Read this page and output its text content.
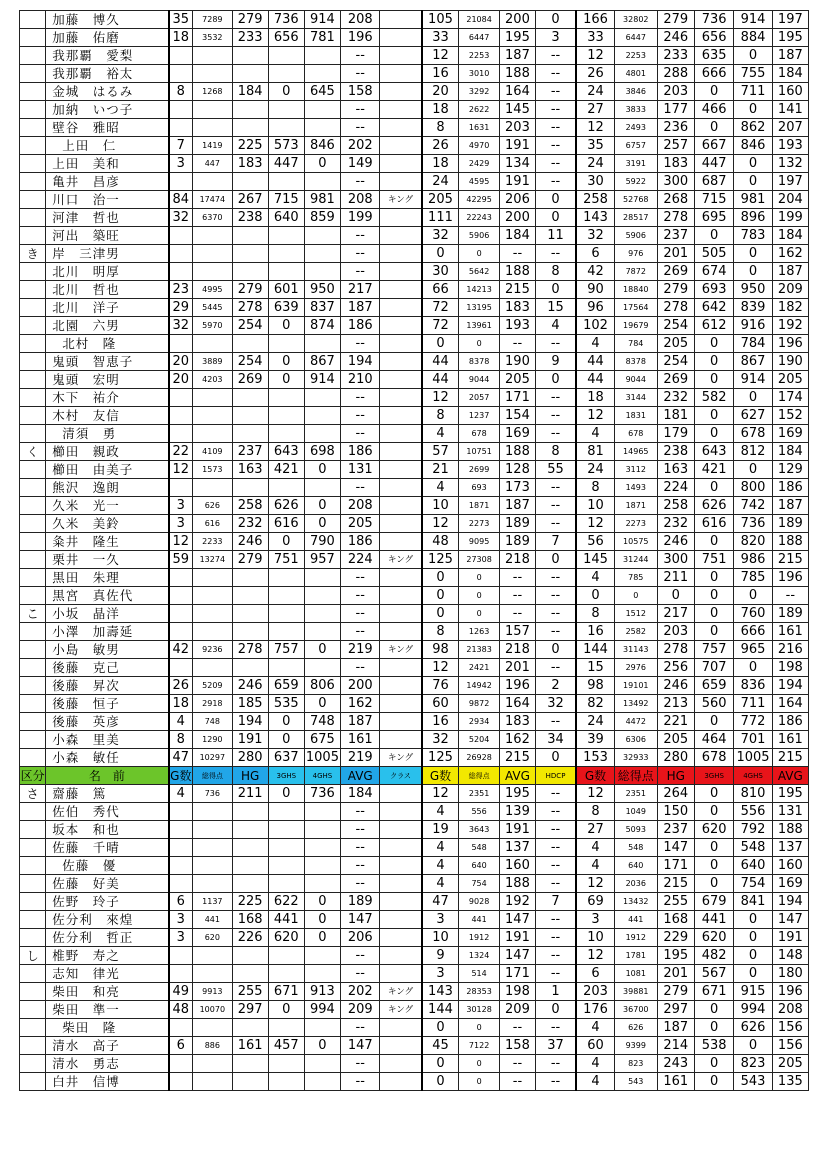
	加藤　博久	35	7289	279	736	914	208		105	21084	200	0	166	32802	279	736	914	197
	加藤　佑磨	18	3532	233	656	781	196		33	6447	195	3	33	6447	246	656	884	195
	我那覇　愛梨						--		12	2253	187	--	12	2253	233	635	0	187
	我那覇　裕太						--		16	3010	188	--	26	4801	288	666	755	184
	金城　はるみ	8	1268	184	0	645	158		20	3292	164	--	24	3846	203	0	711	160
	加納　いつ子						--		18	2622	145	--	27	3833	177	466	0	141
	壁谷　雅昭						--		8	1631	203	--	12	2493	236	0	862	207
	上田　仁	7	1419	225	573	846	202		26	4970	191	--	35	6757	257	667	846	193
	上田　美和	3	447	183	447	0	149		18	2429	134	--	24	3191	183	447	0	132
	亀井　昌彦						--		24	4595	191	--	30	5922	300	687	0	197
	川口　治一	84	17474	267	715	981	208	キング	205	42295	206	0	258	52768	268	715	981	204
	河津　哲也	32	6370	238	640	859	199		111	22243	200	0	143	28517	278	695	896	199
	河出　築旺						--		32	5906	184	11	32	5906	237	0	783	184
き	岸　三津男						--		0	0	--	--	6	976	201	505	0	162
	北川　明厚						--		30	5642	188	8	42	7872	269	674	0	187
	北川　哲也	23	4995	279	601	950	217		66	14213	215	0	90	18840	279	693	950	209
	北川　洋子	29	5445	278	639	837	187		72	13195	183	15	96	17564	278	642	839	182
	北園　六男	32	5970	254	0	874	186		72	13961	193	4	102	19679	254	612	916	192
	北村　隆						--		0	0	--	--	4	784	205	0	784	196
	鬼頭　智恵子	20	3889	254	0	867	194		44	8378	190	9	44	8378	254	0	867	190
	鬼頭　宏明	20	4203	269	0	914	210		44	9044	205	0	44	9044	269	0	914	205
	木下　祐介						--		12	2057	171	--	18	3144	232	582	0	174
	木村　友信						--		8	1237	154	--	12	1831	181	0	627	152
	清須　勇						--		4	678	169	--	4	678	179	0	678	169
く	櫛田　親政	22	4109	237	643	698	186		57	10751	188	8	81	14965	238	643	812	184
	櫛田　由美子	12	1573	163	421	0	131		21	2699	128	55	24	3112	163	421	0	129
	熊沢　逸朗						--		4	693	173	--	8	1493	224	0	800	186
	久米　光一	3	626	258	626	0	208		10	1871	187	--	10	1871	258	626	742	187
	久米　美鈴	3	616	232	616	0	205		12	2273	189	--	12	2273	232	616	736	189
	粂井　隆生	12	2233	246	0	790	186		48	9095	189	7	56	10575	246	0	820	188
	栗井　一久	59	13274	279	751	957	224	キング	125	27308	218	0	145	31244	300	751	986	215
	黒田　朱理						--		0	0	--	--	4	785	211	0	785	196
	黒宮　真佐代						--		0	0	--	--	0	0	0	0	0	--
こ	小坂　晶洋						--		0	0	--	--	8	1512	217	0	760	189
	小澤　加壽延						--		8	1263	157	--	16	2582	203	0	666	161
	小島　敏男	42	9236	278	757	0	219	キング	98	21383	218	0	144	31143	278	757	965	216
	後藤　克己						--		12	2421	201	--	15	2976	256	707	0	198
	後藤　昇次	26	5209	246	659	806	200		76	14942	196	2	98	19101	246	659	836	194
	後藤　恒子	18	2918	185	535	0	162		60	9872	164	32	82	13492	213	560	711	164
	後藤　英彦	4	748	194	0	748	187		16	2934	183	--	24	4472	221	0	772	186
	小森　里美	8	1290	191	0	675	161		32	5204	162	34	39	6306	205	464	701	161
	小森　敏任	47	10297	280	637	1005	219	キング	125	26928	215	0	153	32933	280	678	1005	215
区分	名　前	G数	総得点	HG	3GHS	4GHS	AVG	クラス	G数	総得点	AVG	HDCP	G数	総得点	HG	3GHS	4GHS	AVG
さ	齋藤　篤	4	736	211	0	736	184		12	2351	195	--	12	2351	264	0	810	195
	佐伯　秀代						--		4	556	139	--	8	1049	150	0	556	131
	坂本　和也						--		19	3643	191	--	27	5093	237	620	792	188
	佐藤　千晴						--		4	548	137	--	4	548	147	0	548	137
	佐藤　優						--		4	640	160	--	4	640	171	0	640	160
	佐藤　好美						--		4	754	188	--	12	2036	215	0	754	169
	佐野　玲子	6	1137	225	622	0	189		47	9028	192	7	69	13432	255	679	841	194
	佐分利　來煌	3	441	168	441	0	147		3	441	147	--	3	441	168	441	0	147
	佐分利　哲正	3	620	226	620	0	206		10	1912	191	--	10	1912	229	620	0	191
し	椎野　寿之						--		9	1324	147	--	12	1781	195	482	0	148
	志知　律光						--		3	514	171	--	6	1081	201	567	0	180
	柴田　和亮	49	9913	255	671	913	202	キング	143	28353	198	1	203	39881	279	671	915	196
	柴田　準一	48	10070	297	0	994	209	キング	144	30128	209	0	176	36700	297	0	994	208
	柴田　隆						--		0	0	--	--	4	626	187	0	626	156
	清水　高子	6	886	161	457	0	147		45	7122	158	37	60	9399	214	538	0	156
	清水　勇志						--		0	0	--	--	4	823	243	0	823	205
	白井　信博						--		0	0	--	--	4	543	161	0	543	135
